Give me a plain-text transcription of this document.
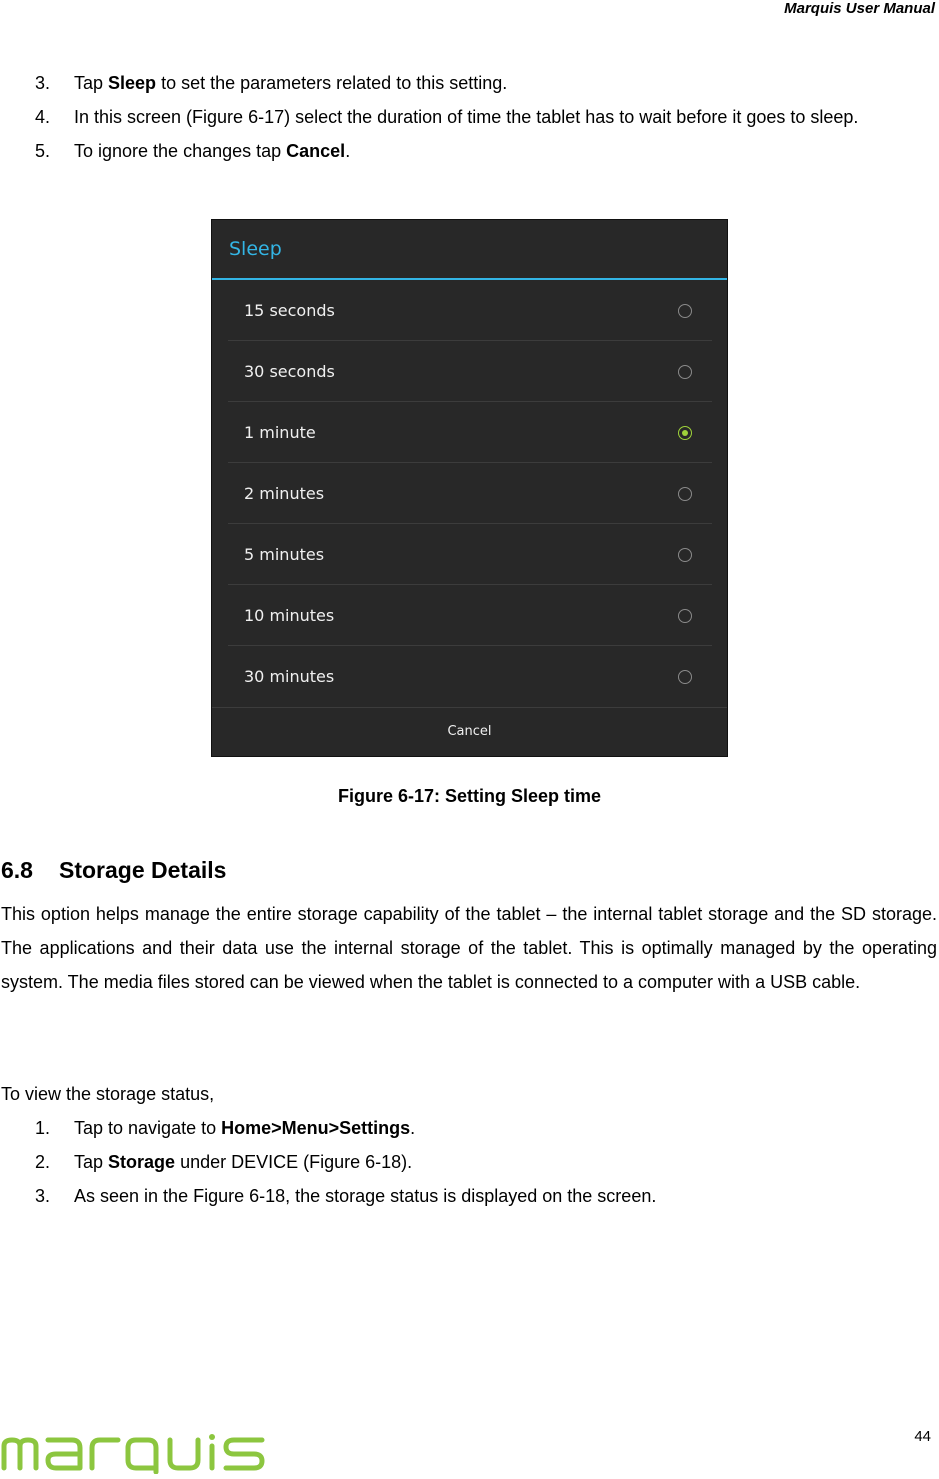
Marquis User Manual
3.	Tap Sleep to set the parameters related to this setting.
4.	In this screen (Figure 6-17) select the duration of time the tablet has to wait before it goes to sleep.
5.	To ignore the changes tap Cancel.
Sleep
15 seconds
30 seconds
1 minute
2 minutes
5 minutes
10 minutes
30 minutes
Cancel
Figure 6-17: Setting Sleep time
6.8 Storage Details

This option helps manage the entire storage capability of the tablet – the internal tablet storage and the SD storage. The applications and their data use the internal storage of the tablet. This is optimally managed by the operating system. The media files stored can be viewed when the tablet is connected to a computer with a USB cable.

To view the storage status,

1.	Tap to navigate to Home>Menu>Settings.
2.	Tap Storage under DEVICE (Figure 6-18).
3.	As seen in the Figure 6-18, the storage status is displayed on the screen.
44
